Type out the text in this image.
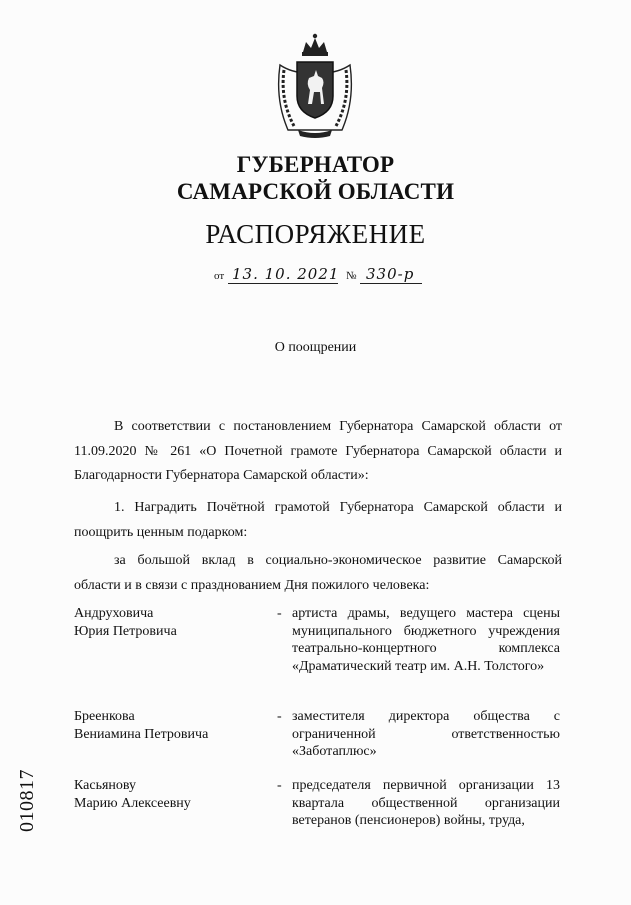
ГУБЕРНАТОР
САМАРСКОЙ ОБЛАСТИ
РАСПОРЯЖЕНИЕ
от 13. 10. 2021 № 330-р
О поощрении
В соответствии с постановлением Губернатора Самарской области от 11.09.2020 № 261 «О Почетной грамоте Губернатора Самарской области и Благодарности Губернатора Самарской области»:
1. Наградить Почётной грамотой Губернатора Самарской области и поощрить ценным подарком:
за большой вклад в социально-экономическое развитие Самарской области и в связи с празднованием Дня пожилого человека:
Андруховича
Юрия Петровича
- артиста драмы, ведущего мастера сцены муниципального бюджетного учреждения театрально-концертного комплекса «Драматический театр им. А.Н. Толстого»
Бреенкова
Вениамина Петровича
- заместителя директора общества с ограниченной ответственностью «Заботаплюс»
Касьянову
Марию Алексеевну
- председателя первичной организации 13 квартала общественной организации ветеранов (пенсионеров) войны, труда,
010817
